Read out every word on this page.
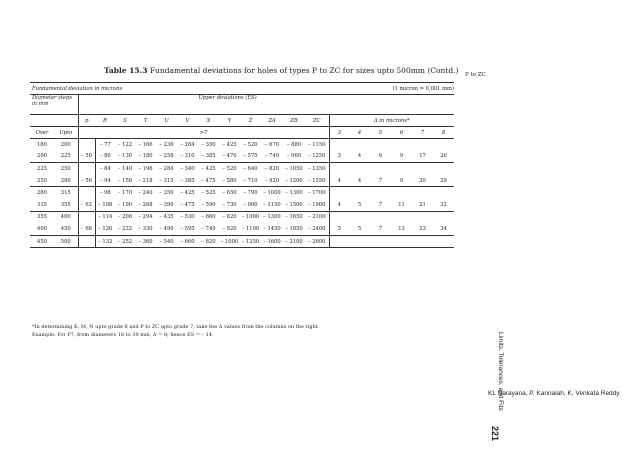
Table 15.3 Fundamental deviations for holes of types P to ZC for sizes upto 500mm (Contd.) P to ZC
Fundamental deviation in microns														(1 micron = 0.001 mm)					
Diameter steps in mm		Upper deviations (ES)																	
		p	R	S	T	U	V	X	Y	Z	ZA	ZB	ZC	Δ in microns*					
Over	Upto	>7												3	4	5	6	7	8
180	200		– 77	– 122	– 166	– 236	– 284	– 350	– 425	– 520	– 670	– 880	– 1150						
200	225	– 50	– 80	– 130	– 180	– 258	– 310	– 385	– 470	– 575	– 740	– 960	– 1250	3	4	6	9	17	26
225	250		– 84	– 140	– 196	– 284	– 340	– 425	– 520	– 640	– 820	– 1050	– 1350						
250	280	– 56	– 94	– 158	– 218	– 315	– 385	– 475	– 580	– 710	– 920	– 1200	– 1550	4	4	7	9	20	29
280	315		– 98	– 170	– 240	– 350	– 425	– 525	– 650	– 790	– 1000	– 1300	– 1700						
315	355	– 62	– 108	– 190	– 268	– 390	– 475	– 590	– 730	– 900	– 1150	– 1500	– 1900	4	5	7	11	21	32
355	400		– 114	– 208	– 294	– 435	– 530	– 660	– 820	– 1000	– 1300	– 1650	– 2100						
400	450	– 68	– 126	– 232	– 330	– 490	– 595	– 740	– 920	– 1100	– 1450	– 1850	– 2400	5	5	7	13	23	34
450	500		– 132	– 252	– 360	– 540	– 660	– 820	– 1000	– 1250	– 1600	– 2100	– 2600						
*In determining K, M, N upto grade 8 and P to ZC upto grade 7, take the Δ values from the columns on the right.
Example: For P7, from diameters 18 to 30 mm, Δ = 8; hence ES = – 14.	Limits, Tolerances, and Fits
221
KL Narayana, P. Kannaiah, K. Venkata Reddy
